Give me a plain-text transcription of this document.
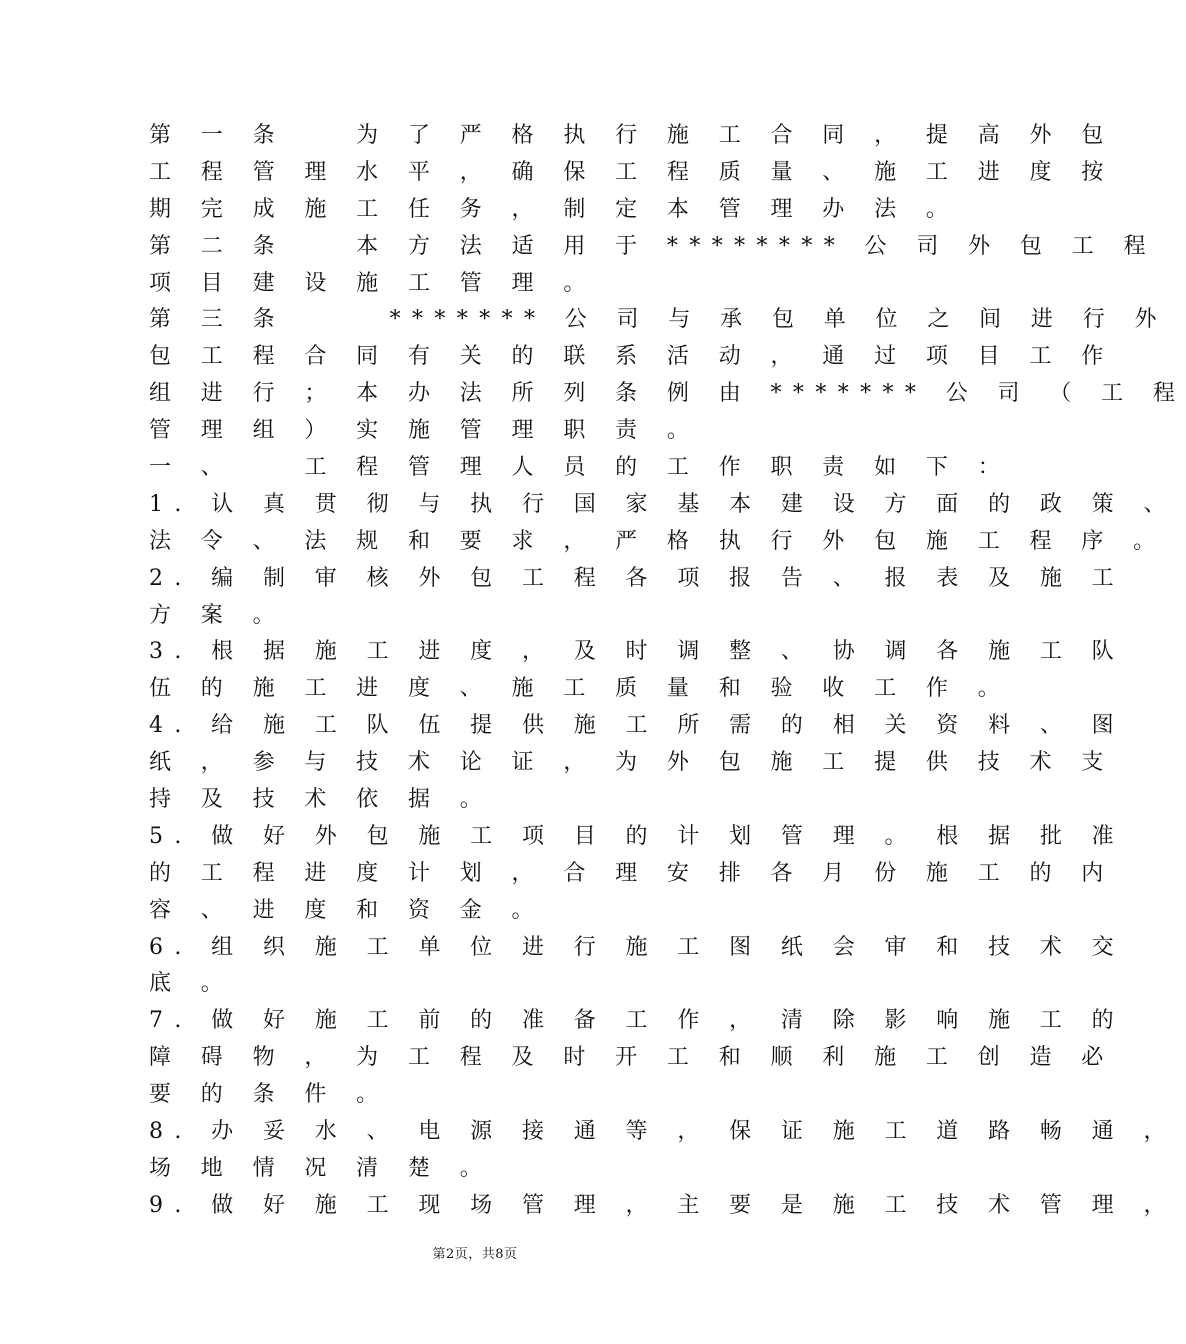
第 一 条 　 为 了 严 格 执 行 施 工 合 同 ， 提 高 外 包
工 程 管 理 水 平 ， 确 保 工 程 质 量 、 施 工 进 度 按
期 完 成 施 工 任 务 ， 制 定 本 管 理 办 法 。
第 二 条 　 本 方 法 适 用 于 ******** 公 司 外 包 工 程
项 目 建 设 施 工 管 理 。
第 三 条 　 　******* 公 司 与 承 包 单 位 之 间 进 行 外
包 工 程 合 同 有 关 的 联 系 活 动 ， 通 过 项 目 工 作
组 进 行 ； 本 办 法 所 列 条 例 由 ******* 公 司 （ 工 程
管 理 组 ） 实 施 管 理 职 责 。
一 、 　 工 程 管 理 人 员 的 工 作 职 责 如 下 ：
1. 认 真 贯 彻 与 执 行 国 家 基 本 建 设 方 面 的 政 策 、
法 令 、 法 规 和 要 求 ， 严 格 执 行 外 包 施 工 程 序 。
2. 编 制 审 核 外 包 工 程 各 项 报 告 、 报 表 及 施 工
方 案 。
3. 根 据 施 工 进 度 ， 及 时 调 整 、 协 调 各 施 工 队
伍 的 施 工 进 度 、 施 工 质 量 和 验 收 工 作 。
4. 给 施 工 队 伍 提 供 施 工 所 需 的 相 关 资 料 、 图
纸 ， 参 与 技 术 论 证 ， 为 外 包 施 工 提 供 技 术 支
持 及 技 术 依 据 。
5. 做 好 外 包 施 工 项 目 的 计 划 管 理 。 根 据 批 准
的 工 程 进 度 计 划 ， 合 理 安 排 各 月 份 施 工 的 内
容 、 进 度 和 资 金 。
6. 组 织 施 工 单 位 进 行 施 工 图 纸 会 审 和 技 术 交
底 。
7. 做 好 施 工 前 的 准 备 工 作 ， 清 除 影 响 施 工 的
障 碍 物 ， 为 工 程 及 时 开 工 和 顺 利 施 工 创 造 必
要 的 条 件 。
8. 办 妥 水 、 电 源 接 通 等 ， 保 证 施 工 道 路 畅 通 ，
场 地 情 况 清 楚 。
9. 做 好 施 工 现 场 管 理 ， 主 要 是 施 工 技 术 管 理 ，
第2页，共8页
